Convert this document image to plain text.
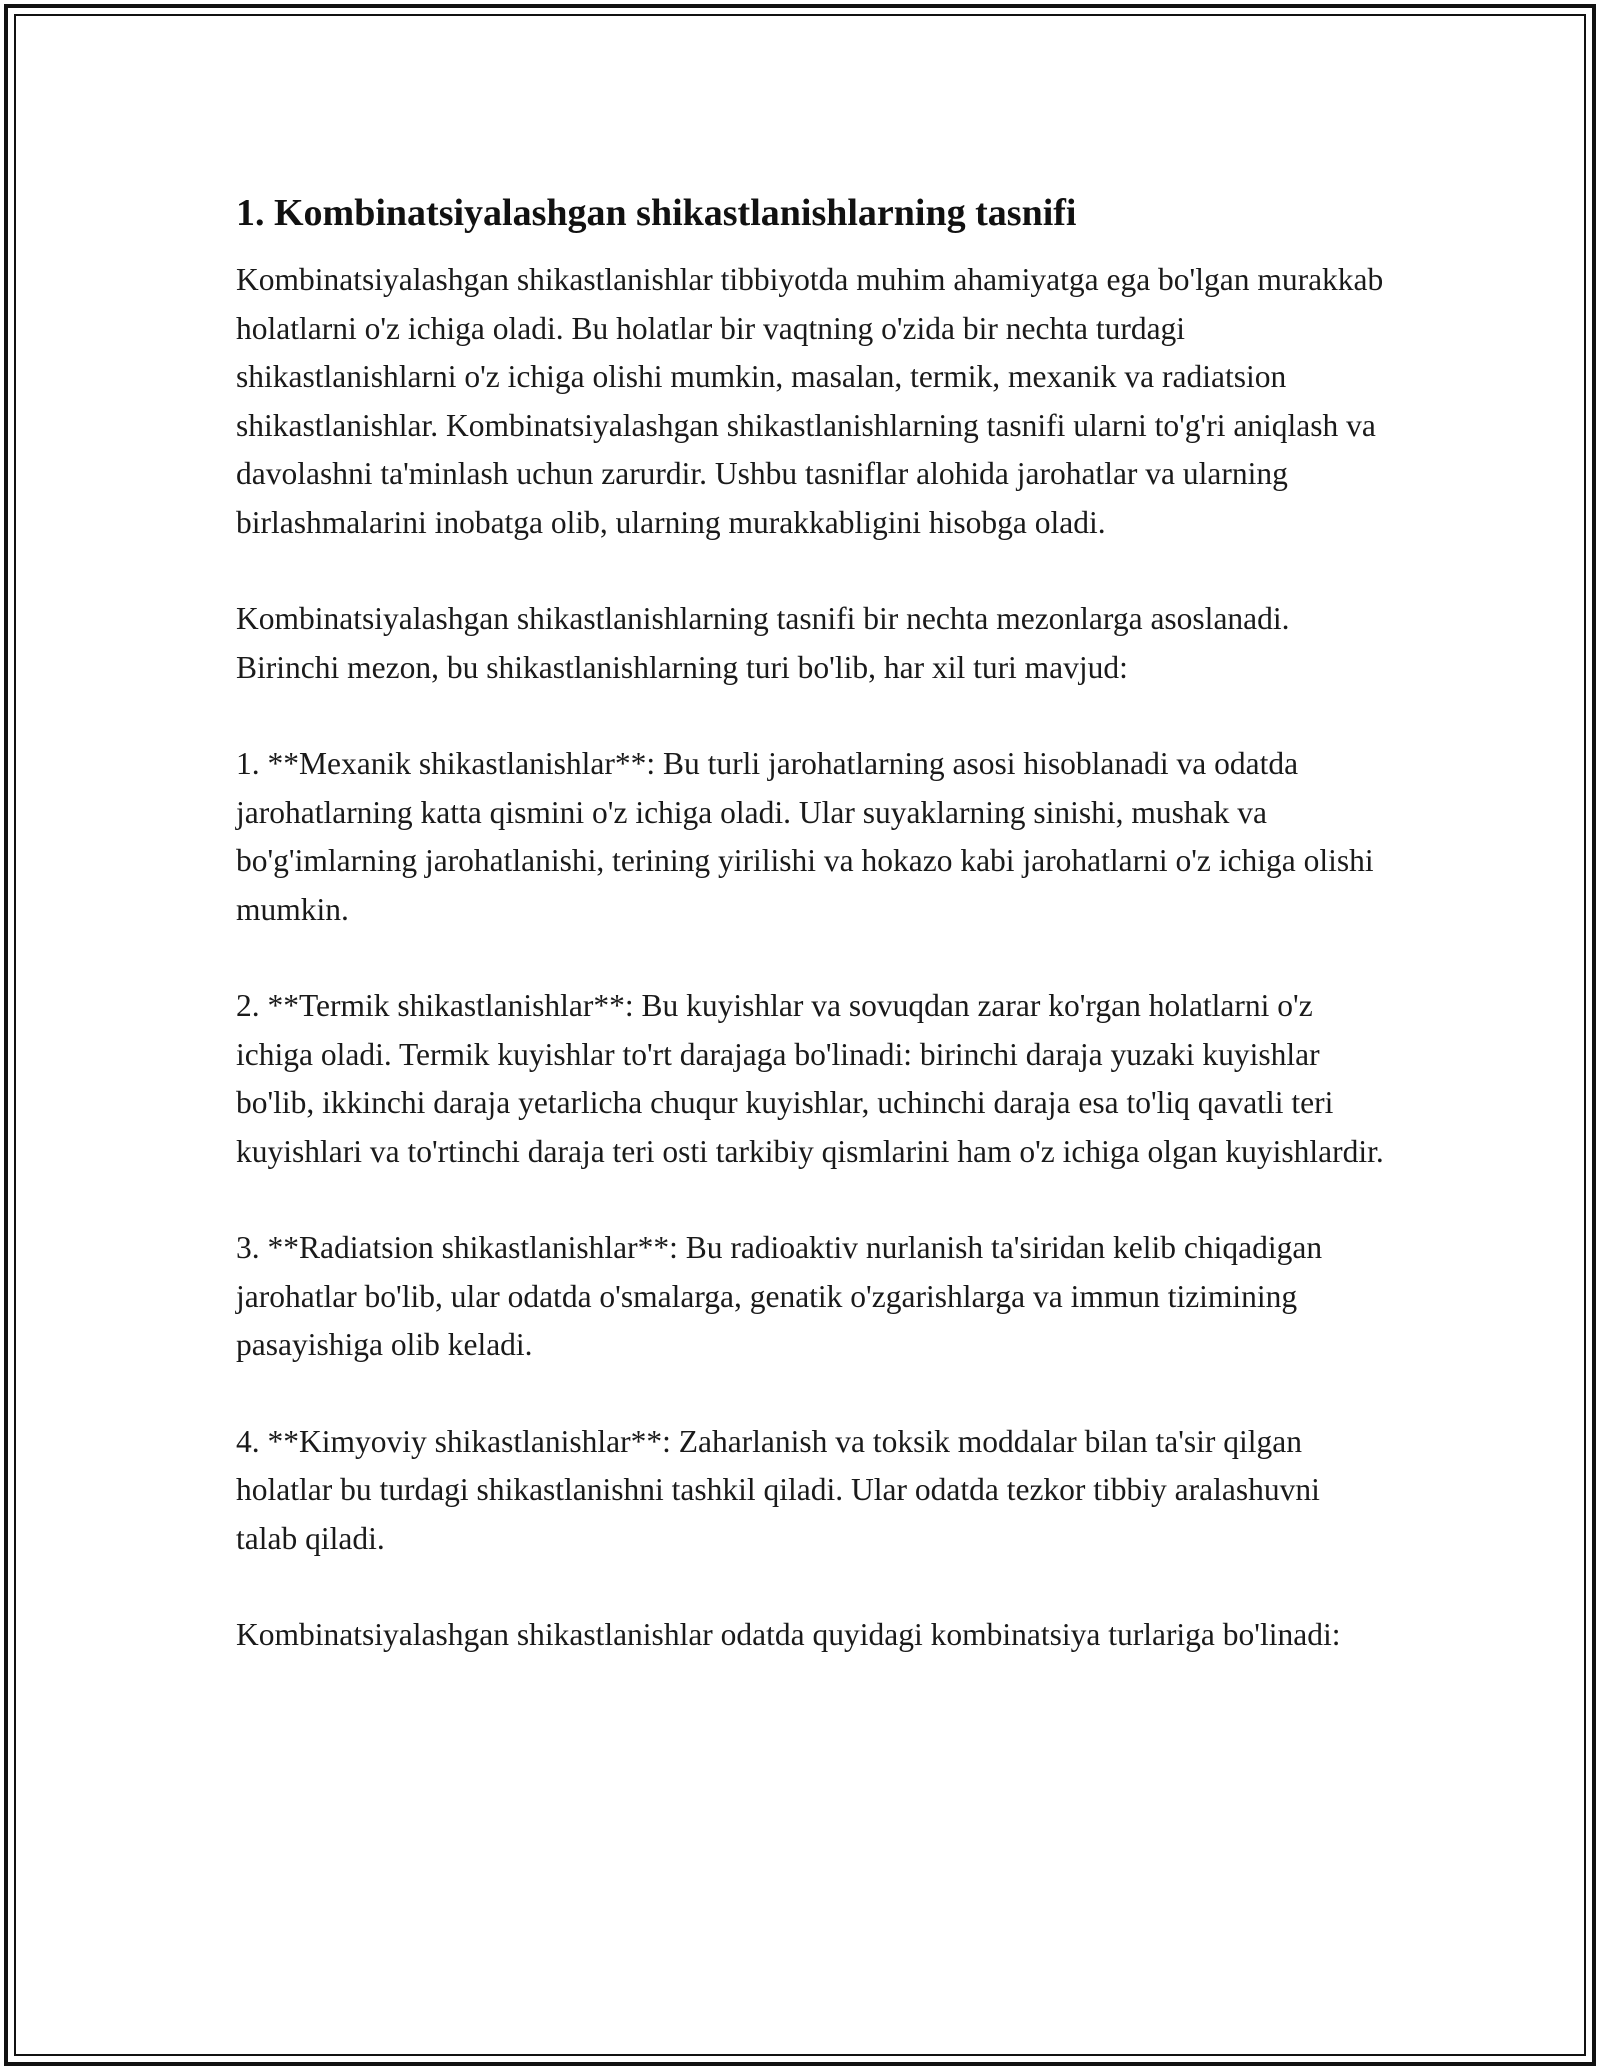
1. Kombinatsiyalashgan shikastlanishlarning tasnifi

Kombinatsiyalashgan shikastlanishlar tibbiyotda muhim ahamiyatga ega bo'lgan murakkab holatlarni o'z ichiga oladi. Bu holatlar bir vaqtning o'zida bir nechta turdagi shikastlanishlarni o'z ichiga olishi mumkin, masalan, termik, mexanik va radiatsion shikastlanishlar. Kombinatsiyalashgan shikastlanishlarning tasnifi ularni to'g'ri aniqlash va davolashni ta'minlash uchun zarurdir. Ushbu tasniflar alohida jarohatlar va ularning birlashmalarini inobatga olib, ularning murakkabligini hisobga oladi.

Kombinatsiyalashgan shikastlanishlarning tasnifi bir nechta mezonlarga asoslanadi. Birinchi mezon, bu shikastlanishlarning turi bo'lib, har xil turi mavjud:

1. **Mexanik shikastlanishlar**: Bu turli jarohatlarning asosi hisoblanadi va odatda jarohatlarning katta qismini o'z ichiga oladi. Ular suyaklarning sinishi, mushak va bo'g'imlarning jarohatlanishi, terining yirilishi va hokazo kabi jarohatlarni o'z ichiga olishi mumkin.

2. **Termik shikastlanishlar**: Bu kuyishlar va sovuqdan zarar ko'rgan holatlarni o'z ichiga oladi. Termik kuyishlar to'rt darajaga bo'linadi: birinchi daraja yuzaki kuyishlar bo'lib, ikkinchi daraja yetarlicha chuqur kuyishlar, uchinchi daraja esa to'liq qavatli teri kuyishlari va to'rtinchi daraja teri osti tarkibiy qismlarini ham o'z ichiga olgan kuyishlardir.

3. **Radiatsion shikastlanishlar**: Bu radioaktiv nurlanish ta'siridan kelib chiqadigan jarohatlar bo'lib, ular odatda o'smalarga, genatik o'zgarishlarga va immun tizimining pasayishiga olib keladi.

4. **Kimyoviy shikastlanishlar**: Zaharlanish va toksik moddalar bilan ta'sir qilgan holatlar bu turdagi shikastlanishni tashkil qiladi. Ular odatda tezkor tibbiy aralashuvni talab qiladi.

Kombinatsiyalashgan shikastlanishlar odatda quyidagi kombinatsiya turlariga bo'linadi:
